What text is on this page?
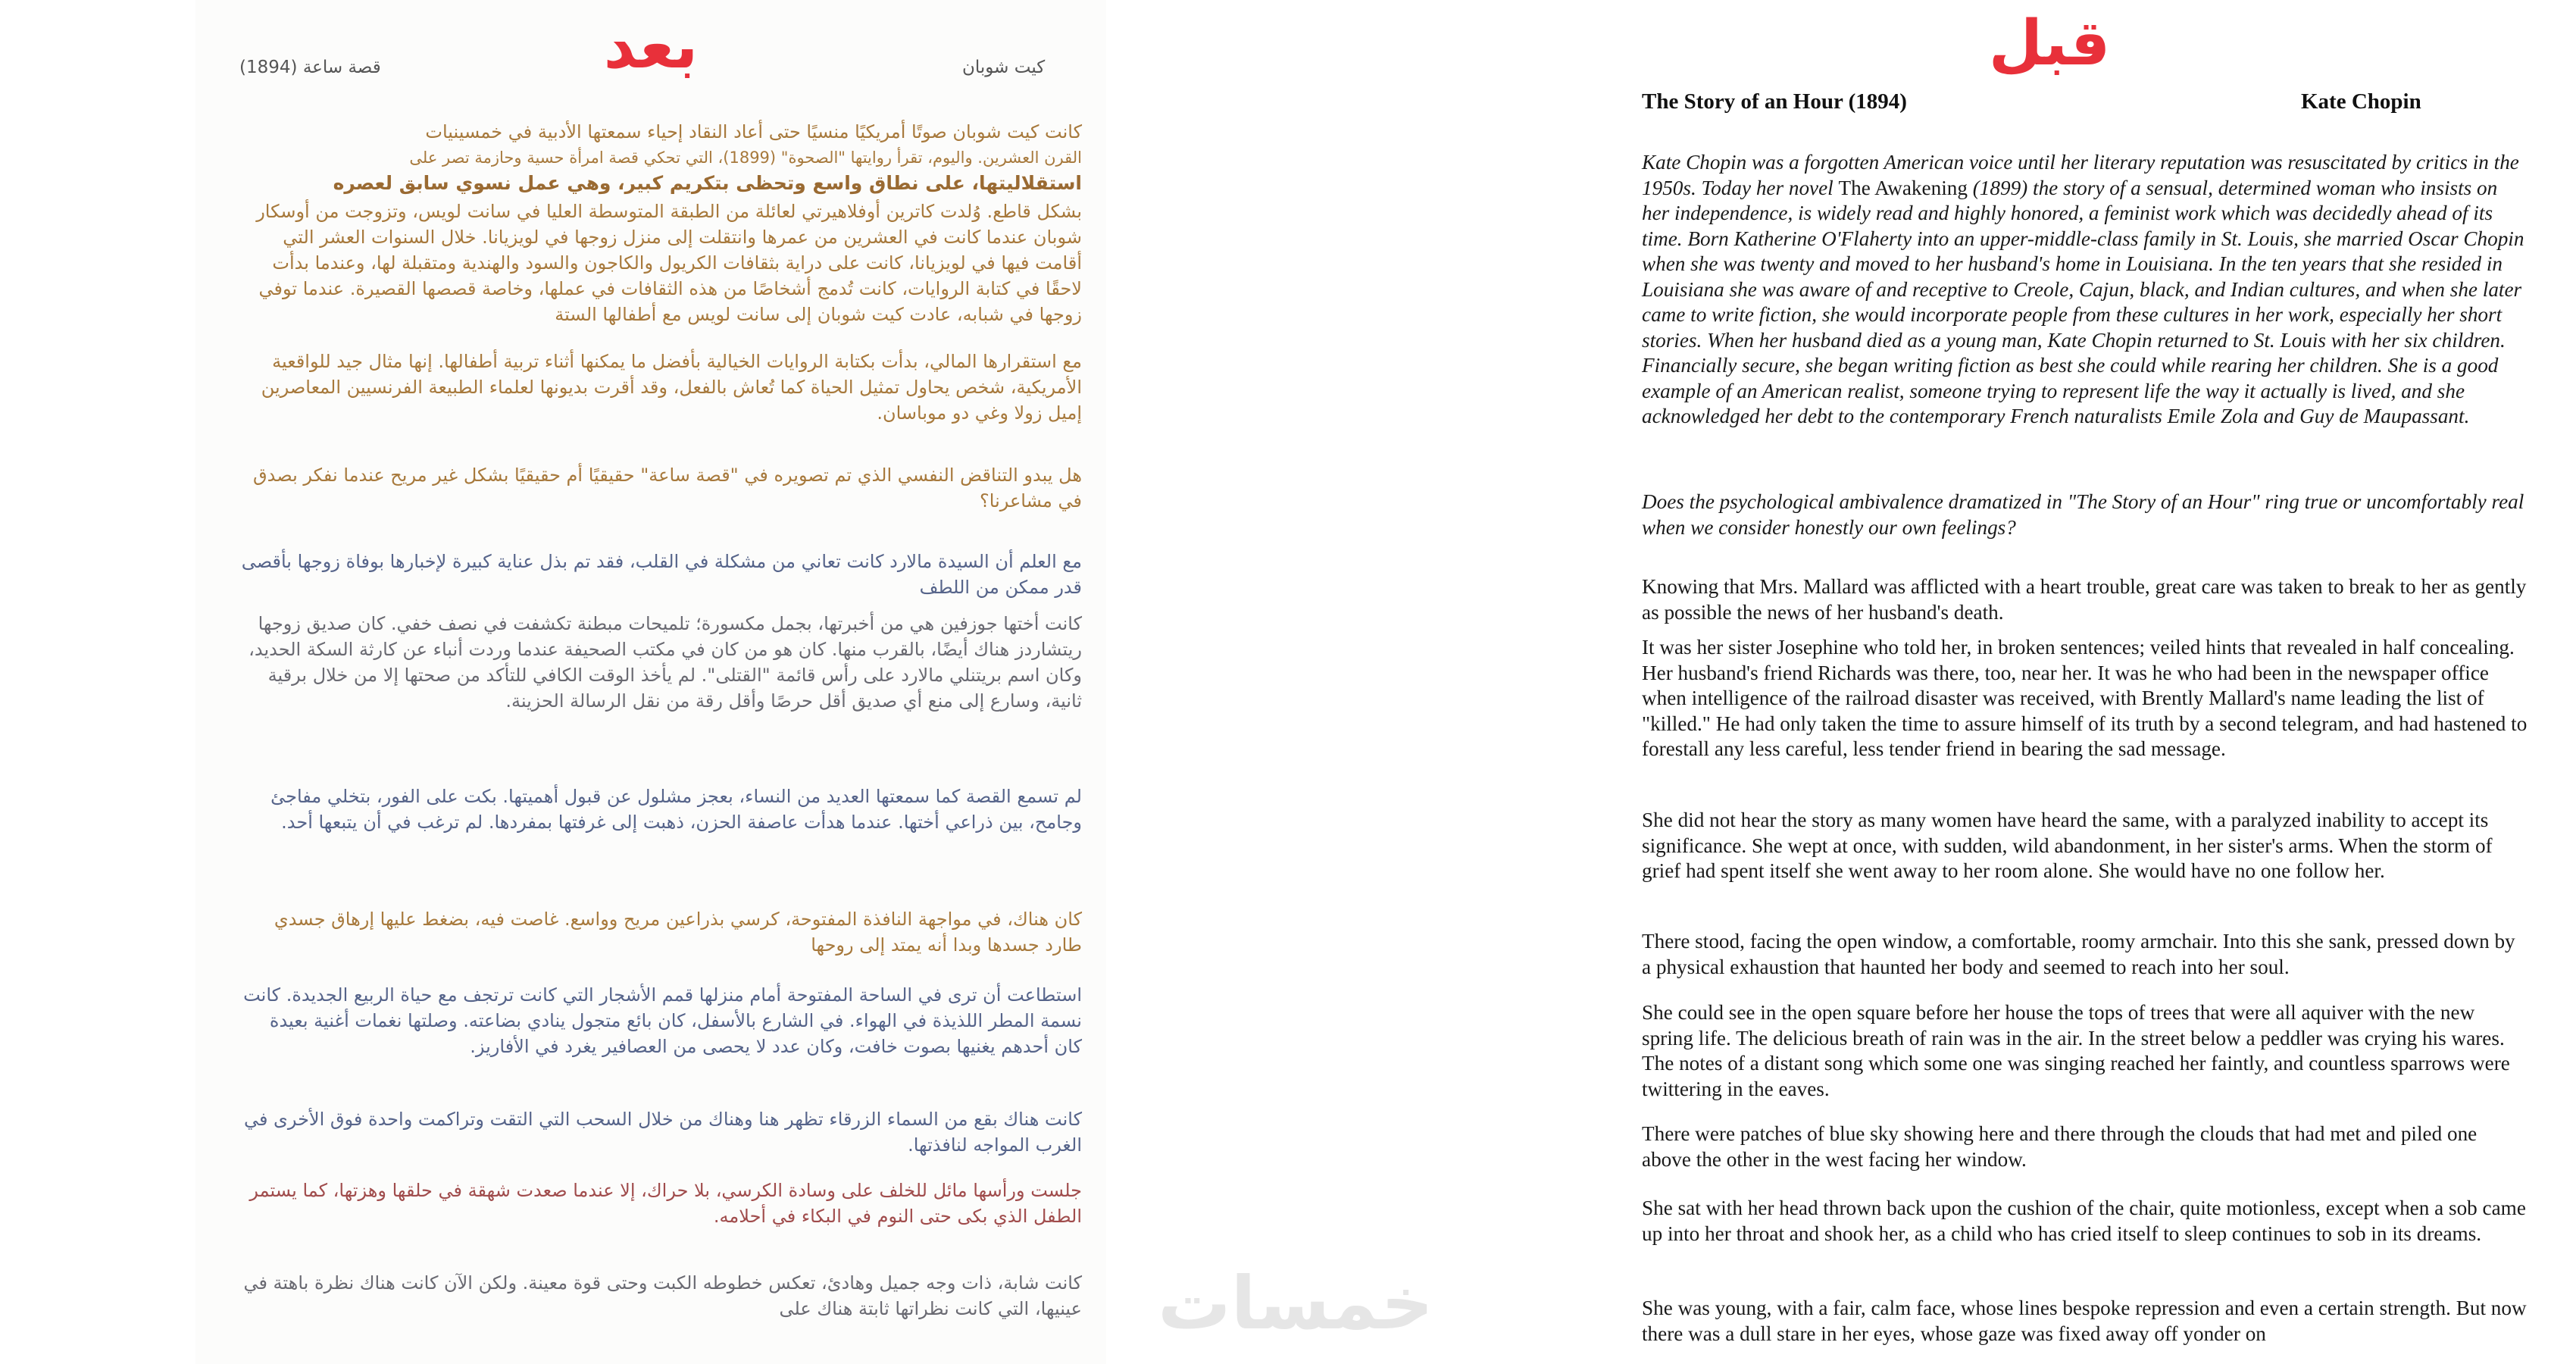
بعد
قصة ساعة (1894)	كيت شوبان
كانت كيت شوبان صوتًا أمريكيًا منسيًا حتى أعاد النقاد إحياء سمعتها الأدبية في خمسينيات
القرن العشرين. واليوم، تقرأ روايتها "الصحوة" (1899)، التي تحكي قصة امرأة حسية وحازمة تصر على
استقلاليتها، على نطاق واسع وتحظى بتكريم كبير، وهي عمل نسوي سابق لعصره
بشكل قاطع. وُلدت كاترين أوفلاهيرتي لعائلة من الطبقة المتوسطة العليا في سانت لويس، وتزوجت من أوسكار شوبان عندما كانت في العشرين من عمرها وانتقلت إلى منزل زوجها في لويزيانا. خلال السنوات العشر التي أقامت فيها في لويزيانا، كانت على دراية بثقافات الكريول والكاجون والسود والهندية ومتقبلة لها، وعندما بدأت لاحقًا في كتابة الروايات، كانت تُدمج أشخاصًا من هذه الثقافات في عملها، وخاصة قصصها القصيرة. عندما توفي زوجها في شبابه، عادت كيت شوبان إلى سانت لويس مع أطفالها الستة
مع استقرارها المالي، بدأت بكتابة الروايات الخيالية بأفضل ما يمكنها أثناء تربية أطفالها. إنها مثال جيد للواقعية الأمريكية، شخص يحاول تمثيل الحياة كما تُعاش بالفعل، وقد أقرت بديونها لعلماء الطبيعة الفرنسيين المعاصرين إميل زولا وغي دو موباسان.
هل يبدو التناقض النفسي الذي تم تصويره في "قصة ساعة" حقيقيًا أم حقيقيًا بشكل غير مريح عندما نفكر بصدق في مشاعرنا؟
مع العلم أن السيدة مالارد كانت تعاني من مشكلة في القلب، فقد تم بذل عناية كبيرة لإخبارها بوفاة زوجها بأقصى قدر ممكن من اللطف
كانت أختها جوزفين هي من أخبرتها، بجمل مكسورة؛ تلميحات مبطنة تكشفت في نصف خفي. كان صديق زوجها ريتشاردز هناك أيضًا، بالقرب منها. كان هو من كان في مكتب الصحيفة عندما وردت أنباء عن كارثة السكة الحديد، وكان اسم بريتنلي مالارد على رأس قائمة "القتلى". لم يأخذ الوقت الكافي للتأكد من صحتها إلا من خلال برقية ثانية، وسارع إلى منع أي صديق أقل حرصًا وأقل رقة من نقل الرسالة الحزينة.
لم تسمع القصة كما سمعتها العديد من النساء، بعجز مشلول عن قبول أهميتها. بكت على الفور، بتخلي مفاجئ وجامح، بين ذراعي أختها. عندما هدأت عاصفة الحزن، ذهبت إلى غرفتها بمفردها. لم ترغب في أن يتبعها أحد.
كان هناك، في مواجهة النافذة المفتوحة، كرسي بذراعين مريح وواسع. غاصت فيه، بضغط عليها إرهاق جسدي طارد جسدها وبدا أنه يمتد إلى روحها
استطاعت أن ترى في الساحة المفتوحة أمام منزلها قمم الأشجار التي كانت ترتجف مع حياة الربيع الجديدة. كانت نسمة المطر اللذيذة في الهواء. في الشارع بالأسفل، كان بائع متجول ينادي بضاعته. وصلتها نغمات أغنية بعيدة كان أحدهم يغنيها بصوت خافت، وكان عدد لا يحصى من العصافير يغرد في الأفاريز.
كانت هناك بقع من السماء الزرقاء تظهر هنا وهناك من خلال السحب التي التقت وتراكمت واحدة فوق الأخرى في الغرب المواجه لنافذتها.
جلست ورأسها مائل للخلف على وسادة الكرسي، بلا حراك، إلا عندما صعدت شهقة في حلقها وهزتها، كما يستمر الطفل الذي بكى حتى النوم في البكاء في أحلامه.
كانت شابة، ذات وجه جميل وهادئ، تعكس خطوطه الكبت وحتى قوة معينة. ولكن الآن كانت هناك نظرة باهتة في عينيها، التي كانت نظراتها ثابتة هناك على خمسات
قبل
The Story of an Hour (1894)	Kate Chopin

Kate Chopin was a forgotten American voice until her literary reputation was resuscitated by critics in the 1950s. Today her novel The Awakening (1899) the story of a sensual, determined woman who insists on her independence, is widely read and highly honored, a feminist work which was decidedly ahead of its time. Born Katherine O'Flaherty into an upper-middle-class family in St. Louis, she married Oscar Chopin when she was twenty and moved to her husband's home in Louisiana. In the ten years that she resided in Louisiana she was aware of and receptive to Creole, Cajun, black, and Indian cultures, and when she later came to write fiction, she would incorporate people from these cultures in her work, especially her short stories. When her husband died as a young man, Kate Chopin returned to St. Louis with her six children. Financially secure, she began writing fiction as best she could while rearing her children. She is a good example of an American realist, someone trying to represent life the way it actually is lived, and she acknowledged her debt to the contemporary French naturalists Emile Zola and Guy de Maupassant.

Does the psychological ambivalence dramatized in "The Story of an Hour" ring true or uncomfortably real when we consider honestly our own feelings?

Knowing that Mrs. Mallard was afflicted with a heart trouble, great care was taken to break to her as gently as possible the news of her husband's death.

It was her sister Josephine who told her, in broken sentences; veiled hints that revealed in half concealing. Her husband's friend Richards was there, too, near her. It was he who had been in the newspaper office when intelligence of the railroad disaster was received, with Brently Mallard's name leading the list of "killed." He had only taken the time to assure himself of its truth by a second telegram, and had hastened to forestall any less careful, less tender friend in bearing the sad message.

She did not hear the story as many women have heard the same, with a paralyzed inability to accept its significance. She wept at once, with sudden, wild abandonment, in her sister's arms. When the storm of grief had spent itself she went away to her room alone. She would have no one follow her.

There stood, facing the open window, a comfortable, roomy armchair. Into this she sank, pressed down by a physical exhaustion that haunted her body and seemed to reach into her soul.

She could see in the open square before her house the tops of trees that were all aquiver with the new spring life. The delicious breath of rain was in the air. In the street below a peddler was crying his wares. The notes of a distant song which some one was singing reached her faintly, and countless sparrows were twittering in the eaves.

There were patches of blue sky showing here and there through the clouds that had met and piled one above the other in the west facing her window.

She sat with her head thrown back upon the cushion of the chair, quite motionless, except when a sob came up into her throat and shook her, as a child who has cried itself to sleep continues to sob in its dreams.

She was young, with a fair, calm face, whose lines bespoke repression and even a certain strength. But now there was a dull stare in her eyes, whose gaze was fixed away off yonder on
